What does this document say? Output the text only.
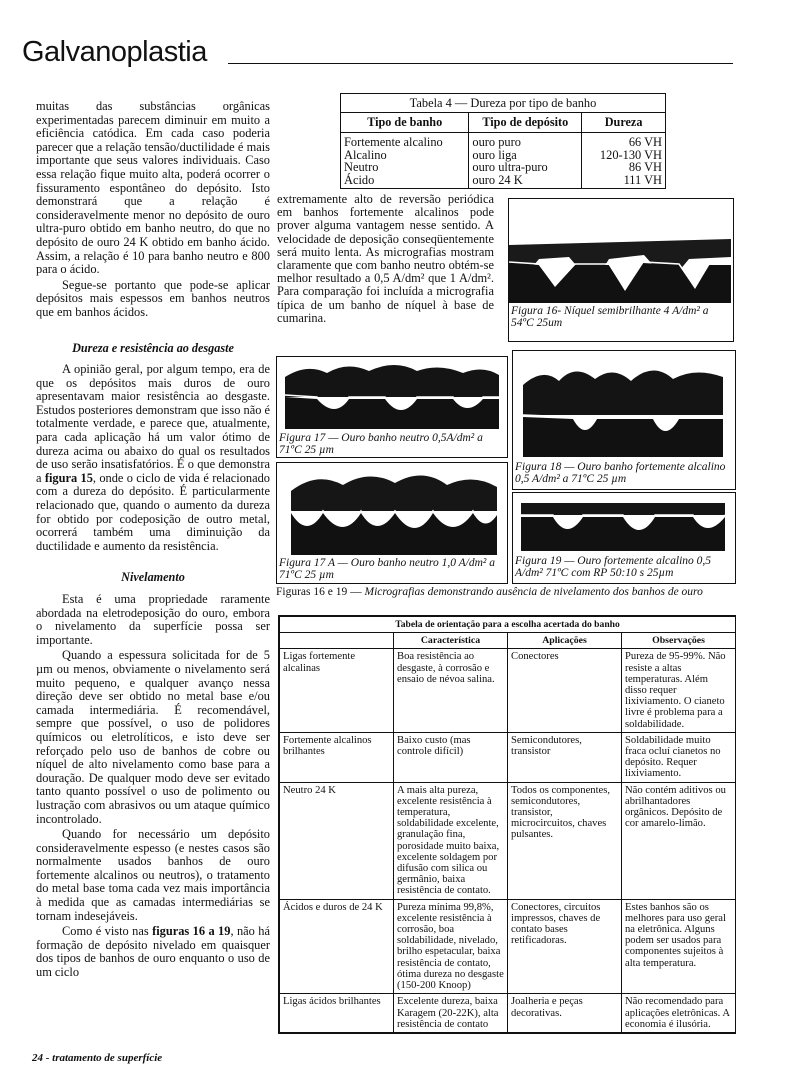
Galvanoplastia

muitas das substâncias orgânicas experimentadas parecem diminuir em muito a eficiência catódica. Em cada caso poderia parecer que a relação tensão/ductilidade é mais importante que seus valores individuais. Caso essa relação fique muito alta, poderá ocorrer o fissuramento espontâneo do depósito. Isto demonstrará que a relação é consideravelmente menor no depósito de ouro ultra-puro obtido em banho neutro, do que no depósito de ouro 24 K obtido em banho ácido. Assim, a relação é 10 para banho neutro e 800 para o ácido.

Segue-se portanto que pode-se aplicar depósitos mais espessos em banhos neutros que em banhos ácidos.

Dureza e resistência ao desgaste

A opinião geral, por algum tempo, era de que os depósitos mais duros de ouro apresentavam maior resistência ao desgaste. Estudos posteriores demonstram que isso não é totalmente verdade, e parece que, atualmente, para cada aplicação há um valor ótimo de dureza acima ou abaixo do qual os resultados de uso serão insatisfatórios. É o que demonstra a figura 15, onde o ciclo de vida é relacionado com a dureza do depósito. É particularmente relacionado que, quando o aumento da dureza for obtido por codeposição de outro metal, ocorrerá também uma diminuição da ductilidade e aumento da resistência.

Nivelamento

Esta é uma propriedade raramente abordada na eletrodeposição do ouro, embora o nivelamento da superfície possa ser importante.

Quando a espessura solicitada for de 5 µm ou menos, obviamente o nivelamento será muito pequeno, e qualquer avanço nessa direção deve ser obtido no metal base e/ou camada intermediária. É recomendável, sempre que possível, o uso de polidores químicos ou eletrolíticos, e isto deve ser reforçado pelo uso de banhos de cobre ou níquel de alto nivelamento como base para a douração. De qualquer modo deve ser evitado tanto quanto possível o uso de polimento ou lustração com abrasivos ou um ataque químico incontrolado.

Quando for necessário um depósito consideravelmente espesso (e nestes casos são normalmente usados banhos de ouro fortemente alcalinos ou neutros), o tratamento do metal base toma cada vez mais importância à medida que as camadas intermediárias se tornam indesejáveis.

Como é visto nas figuras 16 a 19, não há formação de depósito nivelado em quaisquer dos tipos de banhos de ouro enquanto o uso de um ciclo

Tabela 4 — Dureza por tipo de banho
Tipo de banho	Tipo de depósito	Dureza
Fortemente alcalino	ouro puro	66 VH
Alcalino	ouro liga	120-130 VH
Neutro	ouro ultra-puro	86 VH
Ácido	ouro 24 K	111 VH
extremamente alto de reversão periódica em banhos fortemente alcalinos pode prover alguma vantagem nesse sentido. A velocidade de deposição conseqüentemente será muito lenta. As micrografias mostram claramente que com banho neutro obtém-se melhor resultado a 0,5 A/dm² que 1 A/dm². Para comparação foi incluída a micrografia típica de um banho de níquel à base de cumarina.	Figura 16- Níquel semibrilhante 4 A/dm² a 54ºC 25um
Figura 17 — Ouro banho neutro 0,5A/dm² a 71ºC 25 µm
Figura 17 A — Ouro banho neutro 1,0 A/dm² a 71ºC 25 µm
Figura 18 — Ouro banho fortemente alcalino 0,5 A/dm² a 71ºC 25 µm
Figura 19 — Ouro fortemente alcalino 0,5 A/dm² 71ºC com RP 50:10 s 25µm
Figuras 16 e 19 — Micrografias demonstrando ausência de nivelamento dos banhos de ouro
Tabela de orientação para a escolha acertada do banho			
	Característica	Aplicações	Observações
Ligas fortemente alcalinas	Boa resistência ao desgaste, à corrosão e ensaio de névoa salina.	Conectores	Pureza de 95-99%. Não resiste a altas temperaturas. Além disso requer lixiviamento. O cianeto livre é problema para a soldabilidade.
Fortemente alcalinos brilhantes	Baixo custo (mas controle difícil)	Semicondutores, transistor	Soldabilidade muito fraca ocluí cianetos no depósito. Requer lixiviamento.
Neutro 24 K	A mais alta pureza, excelente resistência à temperatura, soldabilidade excelente, granulação fina, porosidade muito baixa, excelente soldagem por difusão com silica ou germânio, baixa resistência de contato.	Todos os componentes, semicondutores, transistor, microcircuitos, chaves pulsantes.	Não contém aditivos ou abrilhantadores orgânicos. Depósito de cor amarelo-limão.
Ácidos e duros de 24 K	Pureza mínima 99,8%, excelente resistência à corrosão, boa soldabilidade, nivelado, brilho espetacular, baixa resistência de contato, ótima dureza no desgaste (150-200 Knoop)	Conectores, circuitos impressos, chaves de contato bases retificadoras.	Estes banhos são os melhores para uso geral na eletrônica. Alguns podem ser usados para componentes sujeitos à alta temperatura.
Ligas ácidos brilhantes	Excelente dureza, baixa Karagem (20-22K), alta resistência de contato	Joalheria e peças decorativas.	Não recomendado para aplicações eletrônicas. A economia é ilusória.
24 - tratamento de superfície
